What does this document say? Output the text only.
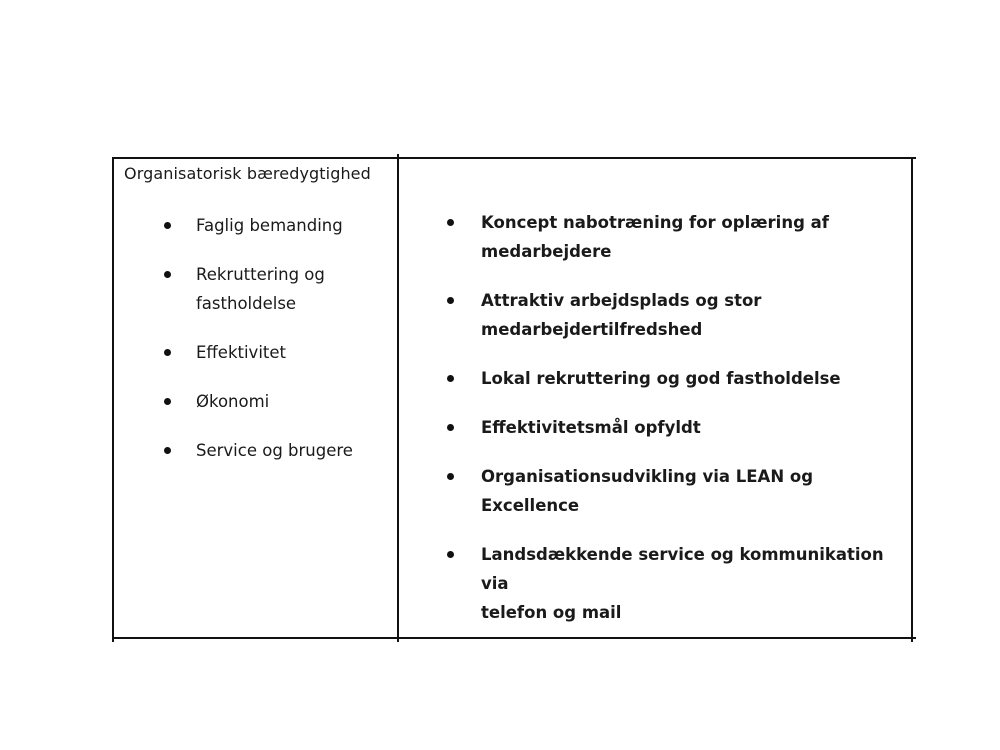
Organisatorisk bæredygtighed

Faglig bemanding
Rekruttering og
fastholdelse
Effektivitet
Økonomi
Service og brugere
Koncept nabotræning for oplæring af
medarbejdere
Attraktiv arbejdsplads og stor
medarbejdertilfredshed
Lokal rekruttering og god fastholdelse
Effektivitetsmål opfyldt
Organisationsudvikling via LEAN og Excellence
Landsdækkende service og kommunikation via
telefon og mail
